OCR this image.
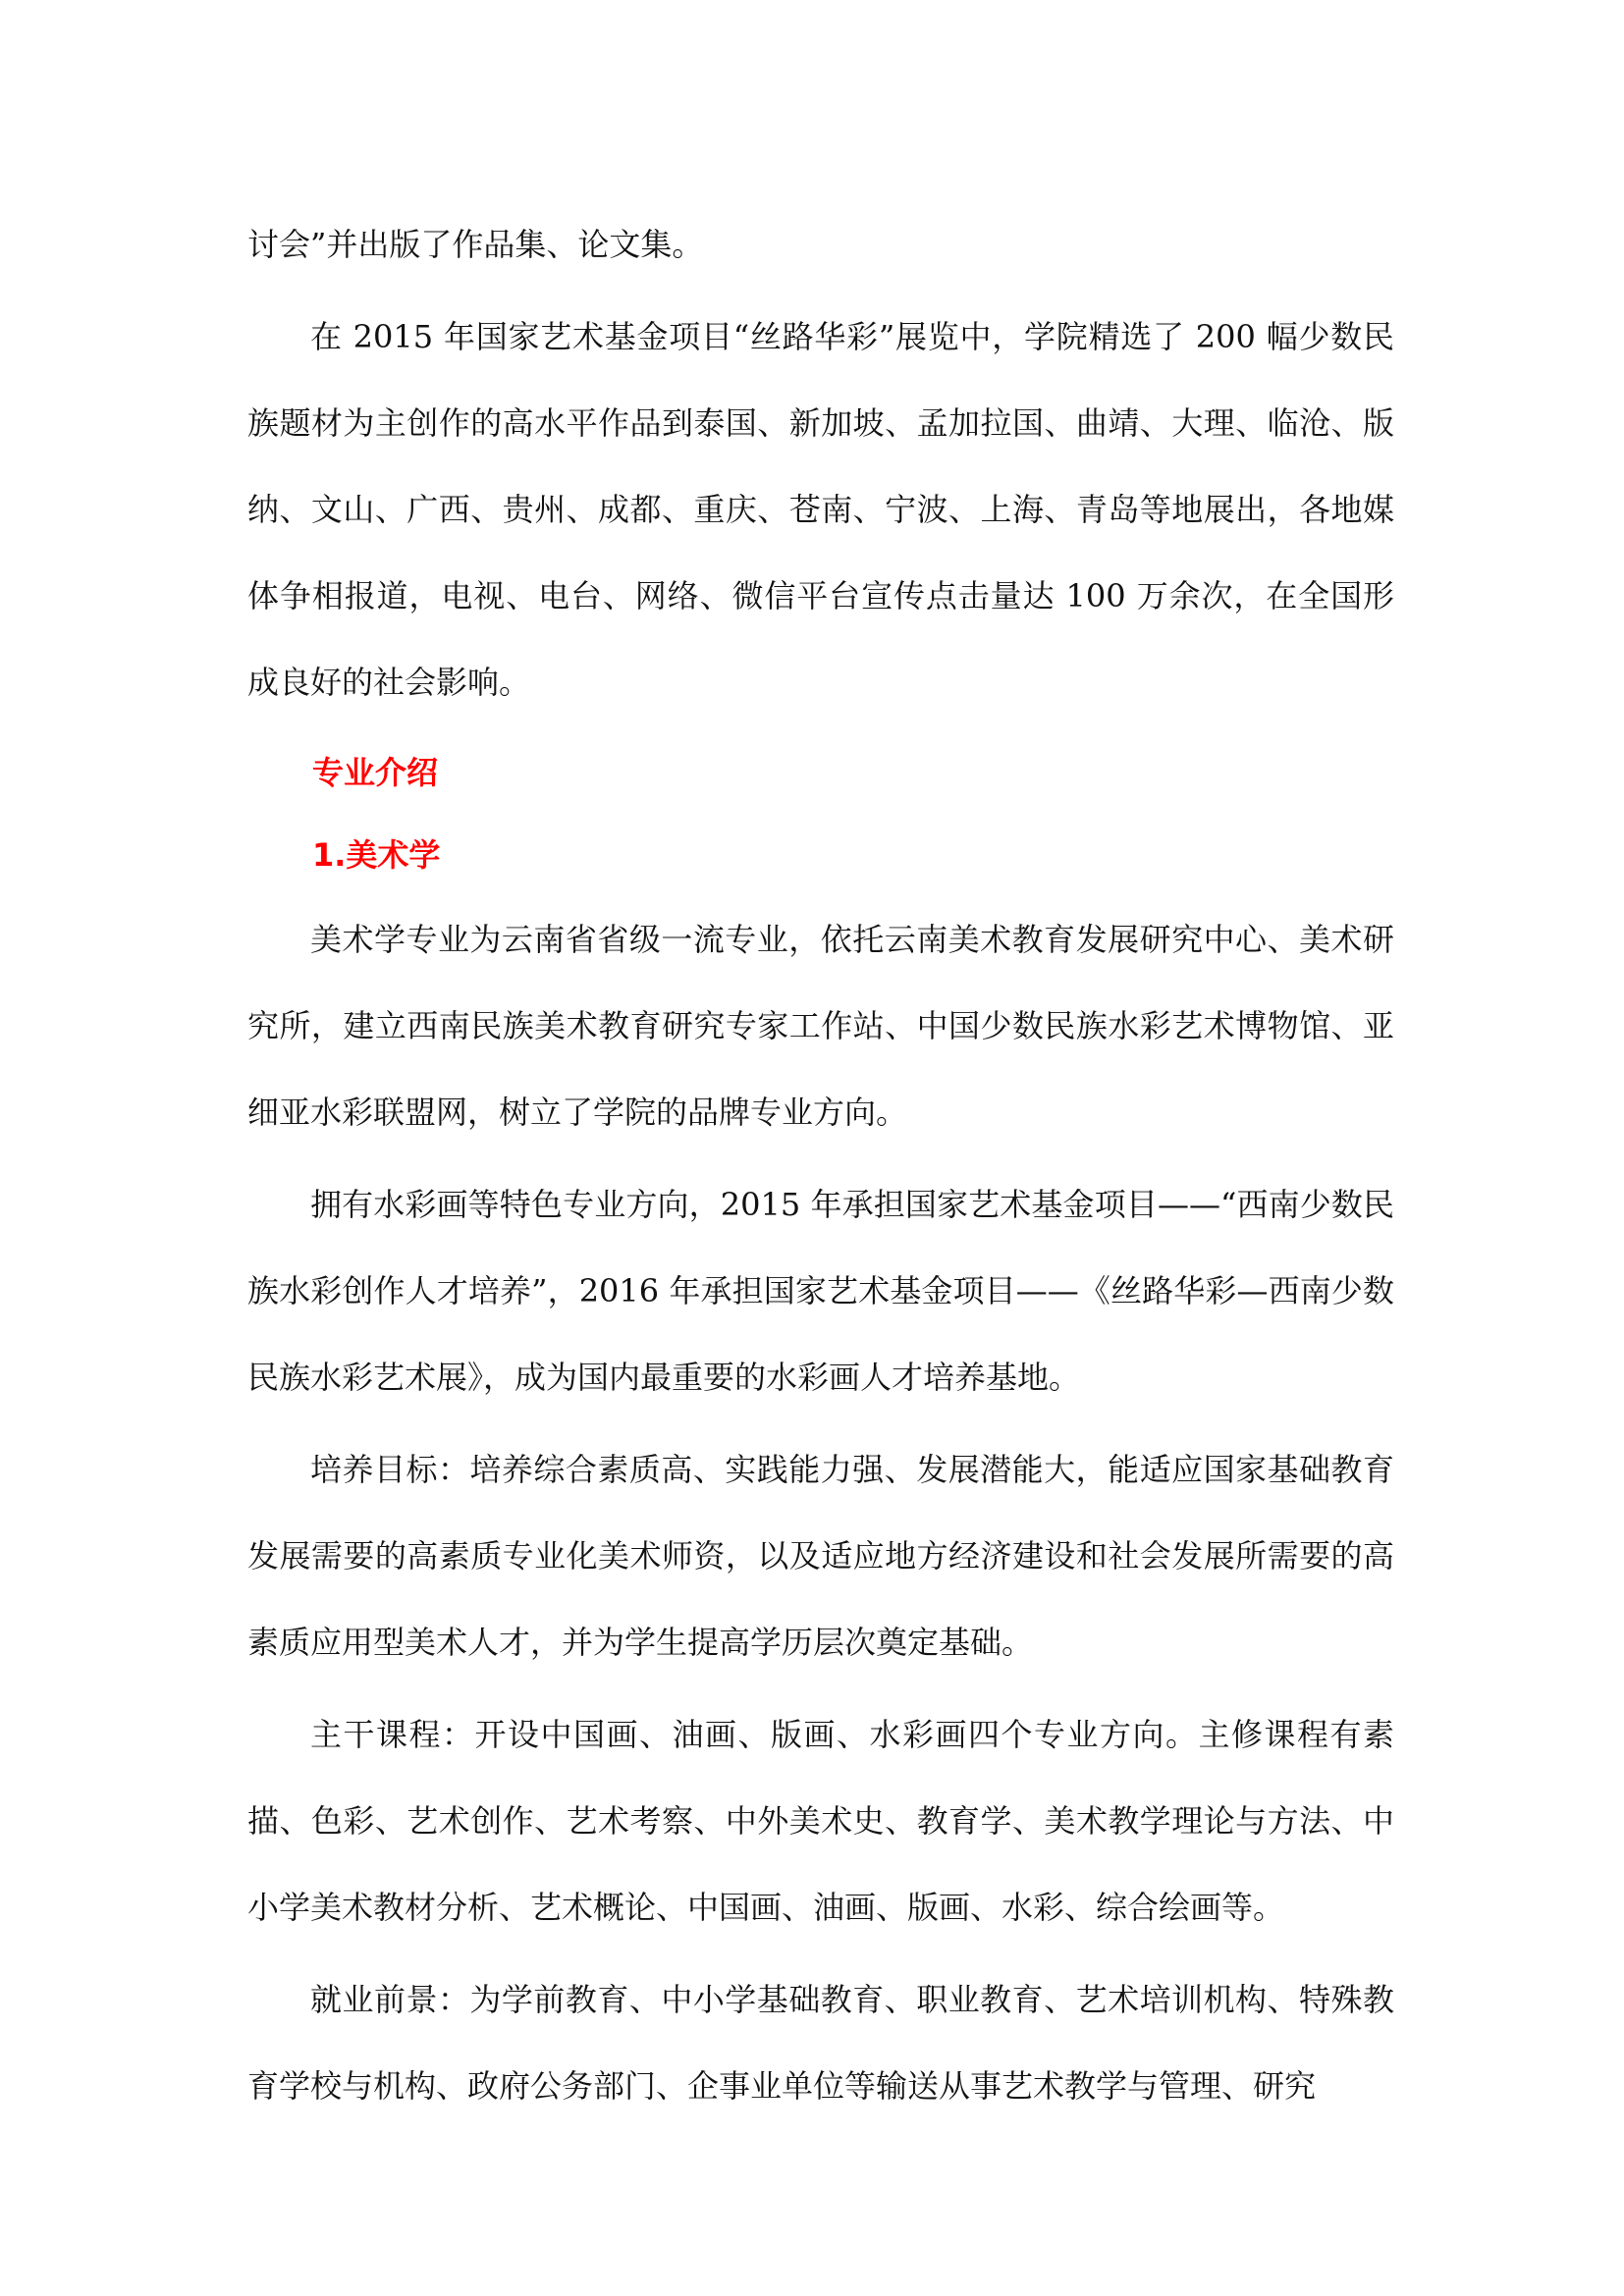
讨会”并出版了作品集、论文集。

在 2015 年国家艺术基金项目“丝路华彩”展览中，学院精选了 200 幅少数民族题材为主创作的高水平作品到泰国、新加坡、孟加拉国、曲靖、大理、临沧、版纳、文山、广西、贵州、成都、重庆、苍南、宁波、上海、青岛等地展出，各地媒体争相报道，电视、电台、网络、微信平台宣传点击量达 100 万余次，在全国形成良好的社会影响。

专业介绍

1.美术学

美术学专业为云南省省级一流专业，依托云南美术教育发展研究中心、美术研究所，建立西南民族美术教育研究专家工作站、中国少数民族水彩艺术博物馆、亚细亚水彩联盟网，树立了学院的品牌专业方向。

拥有水彩画等特色专业方向，2015 年承担国家艺术基金项目——“西南少数民族水彩创作人才培养”，2016 年承担国家艺术基金项目——《丝路华彩—西南少数民族水彩艺术展》，成为国内最重要的水彩画人才培养基地。

培养目标：培养综合素质高、实践能力强、发展潜能大，能适应国家基础教育发展需要的高素质专业化美术师资，以及适应地方经济建设和社会发展所需要的高素质应用型美术人才，并为学生提高学历层次奠定基础。

主干课程：开设中国画、油画、版画、水彩画四个专业方向。主修课程有素描、色彩、艺术创作、艺术考察、中外美术史、教育学、美术教学理论与方法、中小学美术教材分析、艺术概论、中国画、油画、版画、水彩、综合绘画等。

就业前景：为学前教育、中小学基础教育、职业教育、艺术培训机构、特殊教育学校与机构、政府公务部门、企事业单位等输送从事艺术教学与管理、研究
